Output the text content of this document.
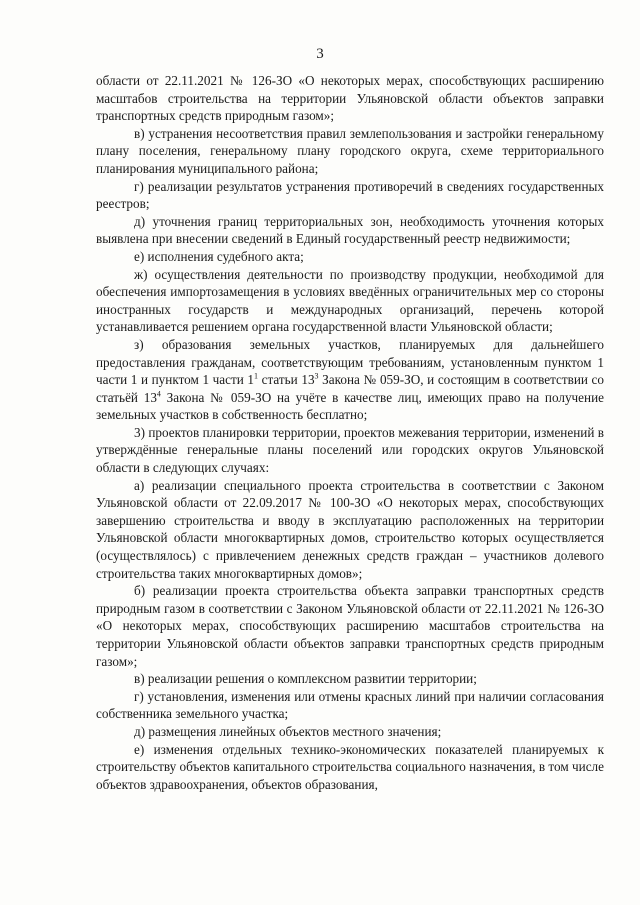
3

области от 22.11.2021 № 126-ЗО «О некоторых мерах, способствующих расширению масштабов строительства на территории Ульяновской области объектов заправки транспортных средств природным газом»;

в) устранения несоответствия правил землепользования и застройки генеральному плану поселения, генеральному плану городского округа, схеме территориального планирования муниципального района;

г) реализации результатов устранения противоречий в сведениях государственных реестров;

д) уточнения границ территориальных зон, необходимость уточнения которых выявлена при внесении сведений в Единый государственный реестр недвижимости;

е) исполнения судебного акта;

ж) осуществления деятельности по производству продукции, необходимой для обеспечения импортозамещения в условиях введённых ограничительных мер со стороны иностранных государств и международных организаций, перечень которой устанавливается решением органа государственной власти Ульяновской области;

з) образования земельных участков, планируемых для дальнейшего предоставления гражданам, соответствующим требованиям, установленным пунктом 1 части 1 и пунктом 1 части $1^1$ статьи $13^3$ Закона № 059-ЗО, и состоящим в соответствии со статьёй $13^4$ Закона № 059-ЗО на учёте в качестве лиц, имеющих право на получение земельных участков в собственность бесплатно;

3) проектов планировки территории, проектов межевания территории, изменений в утверждённые генеральные планы поселений или городских округов Ульяновской области в следующих случаях:

а) реализации специального проекта строительства в соответствии с Законом Ульяновской области от 22.09.2017 № 100-ЗО «О некоторых мерах, способствующих завершению строительства и вводу в эксплуатацию расположенных на территории Ульяновской области многоквартирных домов, строительство которых осуществляется (осуществлялось) с привлечением денежных средств граждан – участников долевого строительства таких многоквартирных домов»;

б) реализации проекта строительства объекта заправки транспортных средств природным газом в соответствии с Законом Ульяновской области от 22.11.2021 № 126-ЗО «О некоторых мерах, способствующих расширению масштабов строительства на территории Ульяновской области объектов заправки транспортных средств природным газом»;

в) реализации решения о комплексном развитии территории;

г) установления, изменения или отмены красных линий при наличии согласования собственника земельного участка;

д) размещения линейных объектов местного значения;

е) изменения отдельных технико-экономических показателей планируемых к строительству объектов капитального строительства социального назначения, в том числе объектов здравоохранения, объектов образования,
